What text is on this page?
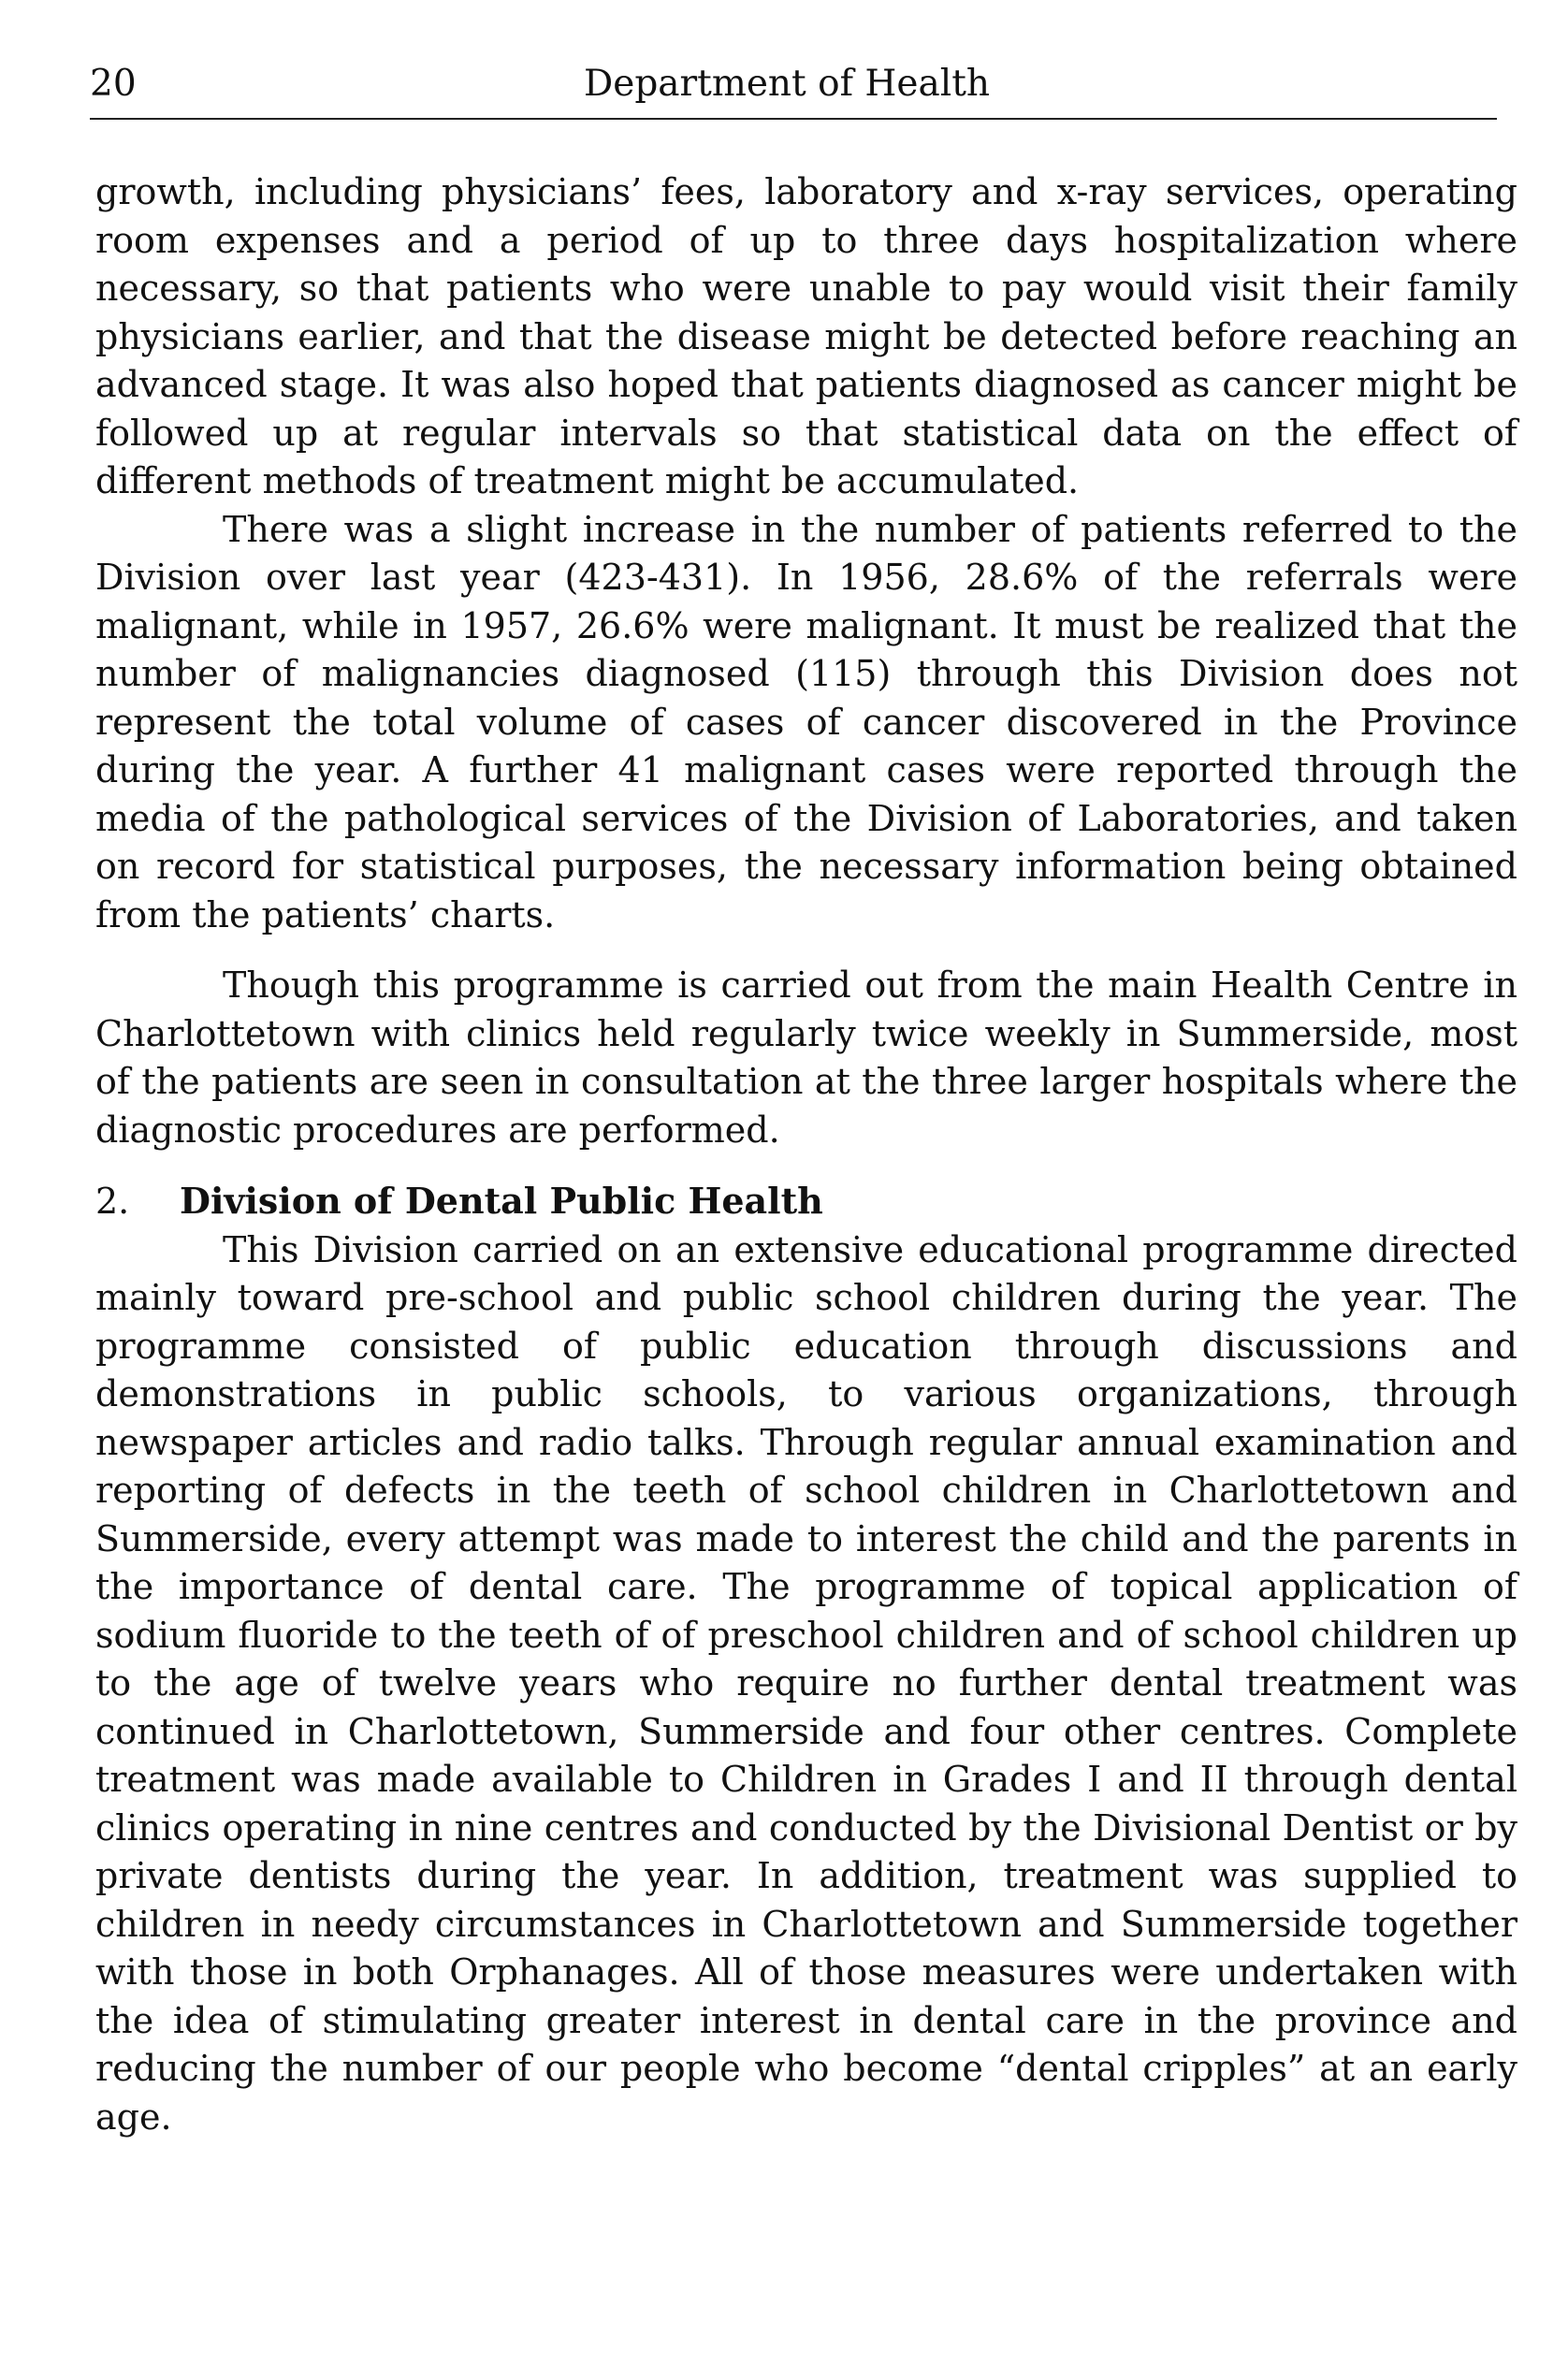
20	Department of Health

growth, including physicians’ fees, laboratory and x-ray services, operating room expenses and a period of up to three days hospitalization where necessary, so that patients who were unable to pay would visit their family physicians earlier, and that the disease might be detected before reaching an advanced stage. It was also hoped that patients diagnosed as cancer might be followed up at regular intervals so that statistical data on the effect of different methods of treatment might be accumulated.

There was a slight increase in the number of patients referred to the Division over last year (423-431). In 1956, 28.6% of the referrals were malignant, while in 1957, 26.6% were malignant. It must be realized that the number of malignancies diagnosed (115) through this Division does not represent the total volume of cases of cancer discovered in the Province during the year. A further 41 malignant cases were reported through the media of the pathological services of the Division of Laboratories, and taken on record for statistical purposes, the necessary information being obtained from the patients’ charts.

Though this programme is carried out from the main Health Centre in Charlottetown with clinics held regularly twice weekly in Summerside, most of the patients are seen in consultation at the three larger hospitals where the diagnostic procedures are performed.

2. Division of Dental Public Health

This Division carried on an extensive educational programme directed mainly toward pre-school and public school children during the year. The programme consisted of public education through discussions and demonstrations in public schools, to various organizations, through newspaper articles and radio talks. Through regular annual examination and reporting of defects in the teeth of school children in Charlottetown and Summerside, every attempt was made to interest the child and the parents in the importance of dental care. The programme of topical application of sodium fluoride to the teeth of of preschool children and of school children up to the age of twelve years who require no further dental treatment was continued in Charlottetown, Summerside and four other centres. Complete treatment was made available to Children in Grades I and II through dental clinics operating in nine centres and conducted by the Divisional Dentist or by private dentists during the year. In addition, treatment was supplied to children in needy circumstances in Charlottetown and Summerside together with those in both Orphanages. All of those measures were undertaken with the idea of stimulating greater interest in dental care in the province and reducing the number of our people who become “dental cripples” at an early age.
